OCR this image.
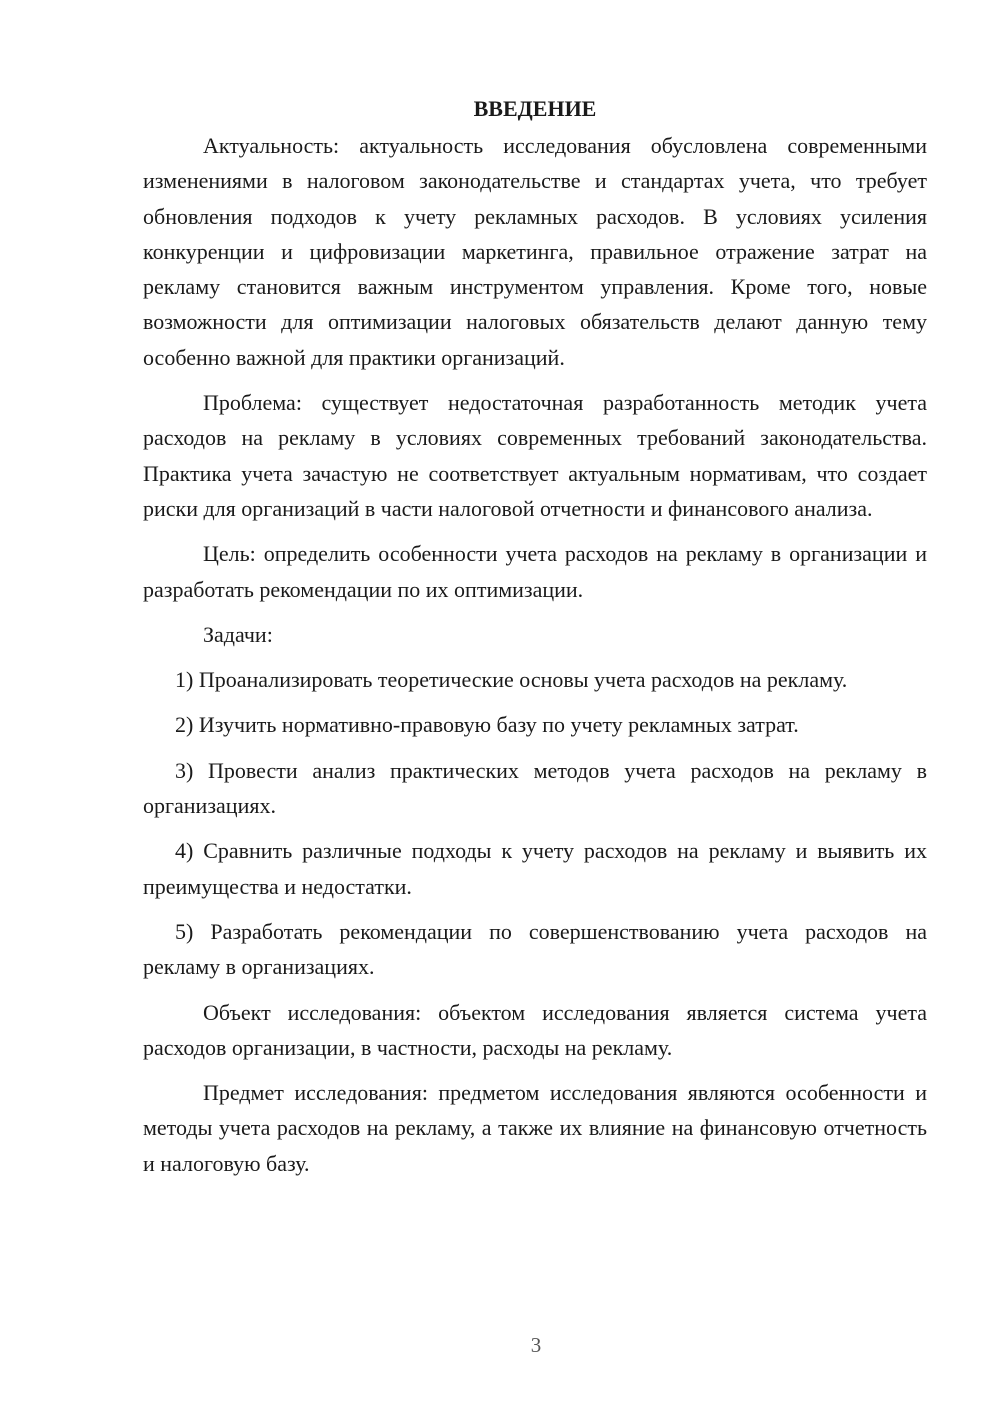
ВВЕДЕНИЕ

Актуальность: актуальность исследования обусловлена современными изменениями в налоговом законодательстве и стандартах учета, что требует обновления подходов к учету рекламных расходов. В условиях усиления конкуренции и цифровизации маркетинга, правильное отражение затрат на рекламу становится важным инструментом управления. Кроме того, новые возможности для оптимизации налоговых обязательств делают данную тему особенно важной для практики организаций.

Проблема: существует недостаточная разработанность методик учета расходов на рекламу в условиях современных требований законодательства. Практика учета зачастую не соответствует актуальным нормативам, что создает риски для организаций в части налоговой отчетности и финансового анализа.

Цель: определить особенности учета расходов на рекламу в организации и разработать рекомендации по их оптимизации.

Задачи:

1) Проанализировать теоретические основы учета расходов на рекламу.

2) Изучить нормативно-правовую базу по учету рекламных затрат.

3) Провести анализ практических методов учета расходов на рекламу в организациях.

4) Сравнить различные подходы к учету расходов на рекламу и выявить их преимущества и недостатки.

5) Разработать рекомендации по совершенствованию учета расходов на рекламу в организациях.

Объект исследования: объектом исследования является система учета расходов организации, в частности, расходы на рекламу.

Предмет исследования: предметом исследования являются особенности и методы учета расходов на рекламу, а также их влияние на финансовую отчетность и налоговую базу.

3
